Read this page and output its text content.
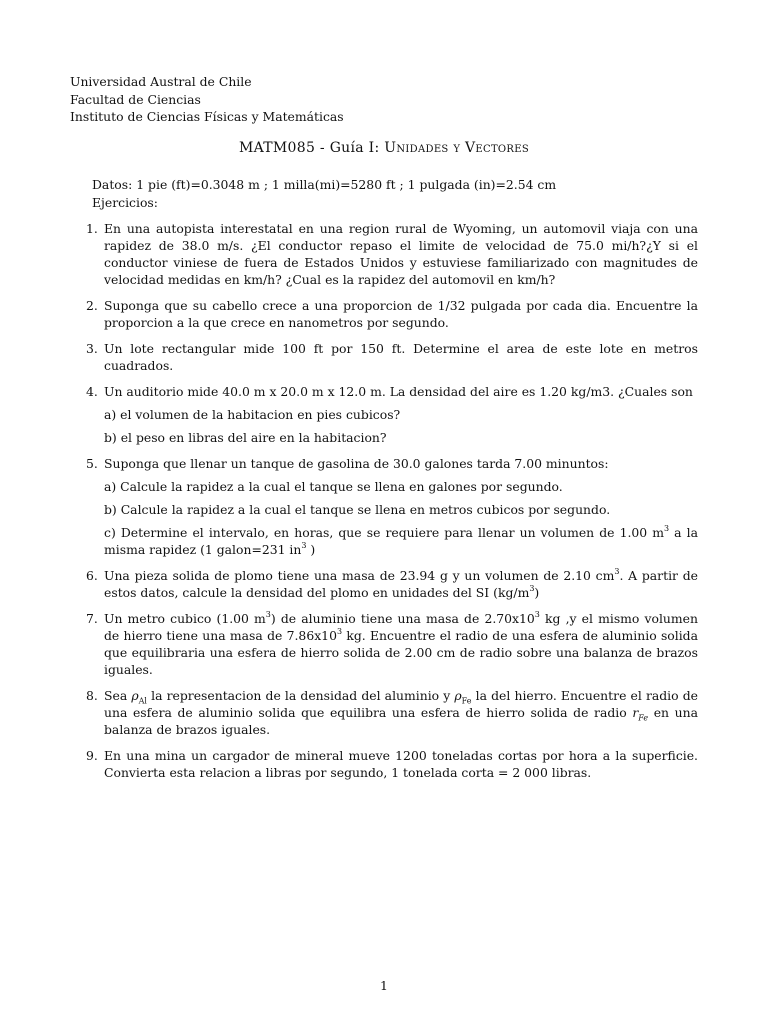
Universidad Austral de Chile
Facultad de Ciencias
Instituto de Ciencias Físicas y Matemáticas
MATM085 - Guía I: Unidades y Vectores
Datos: 1 pie (ft)=0.3048 m ; 1 milla(mi)=5280 ft ; 1 pulgada (in)=2.54 cm
Ejercicios:
1. En una autopista interestatal en una region rural de Wyoming, un automovil viaja con una rapidez de 38.0 m/s. ¿El conductor repaso el limite de velocidad de 75.0 mi/h?¿Y si el conductor viniese de fuera de Estados Unidos y estuviese familiarizado con magnitudes de velocidad medidas en km/h? ¿Cual es la rapidez del automovil en km/h?
2. Suponga que su cabello crece a una proporcion de 1/32 pulgada por cada dia. Encuentre la proporcion a la que crece en nanometros por segundo.
3. Un lote rectangular mide 100 ft por 150 ft. Determine el area de este lote en metros cuadrados.
4. Un auditorio mide 40.0 m x 20.0 m x 12.0 m. La densidad del aire es 1.20 kg/m3. ¿Cuales son
a) el volumen de la habitacion en pies cubicos?
b) el peso en libras del aire en la habitacion?
5. Suponga que llenar un tanque de gasolina de 30.0 galones tarda 7.00 minuntos:
a) Calcule la rapidez a la cual el tanque se llena en galones por segundo.
b) Calcule la rapidez a la cual el tanque se llena en metros cubicos por segundo.
c) Determine el intervalo, en horas, que se requiere para llenar un volumen de 1.00 $m^3$ a la misma rapidez (1 galon=231 $in^3$ )
6. Una pieza solida de plomo tiene una masa de 23.94 g y un volumen de 2.10 $cm^3$. A partir de estos datos, calcule la densidad del plomo en unidades del SI $(kg/m^3)$
7. Un metro cubico (1.00 $m^3$) de aluminio tiene una masa de $2.70x10^3$ kg ,y el mismo volumen de hierro tiene una masa de $7.86x10^3$ kg. Encuentre el radio de una esfera de aluminio solida que equilibraria una esfera de hierro solida de 2.00 cm de radio sobre una balanza de brazos iguales.
8. Sea $\rho_{Al}$ la representacion de la densidad del aluminio y $\rho_{Fe}$ la del hierro. Encuentre el radio de una esfera de aluminio solida que equilibra una esfera de hierro solida de radio $r_{Fe}$ en una balanza de brazos iguales.
9. En una mina un cargador de mineral mueve 1200 toneladas cortas por hora a la superficie. Convierta esta relacion a libras por segundo, 1 tonelada corta = 2 000 libras.
1
